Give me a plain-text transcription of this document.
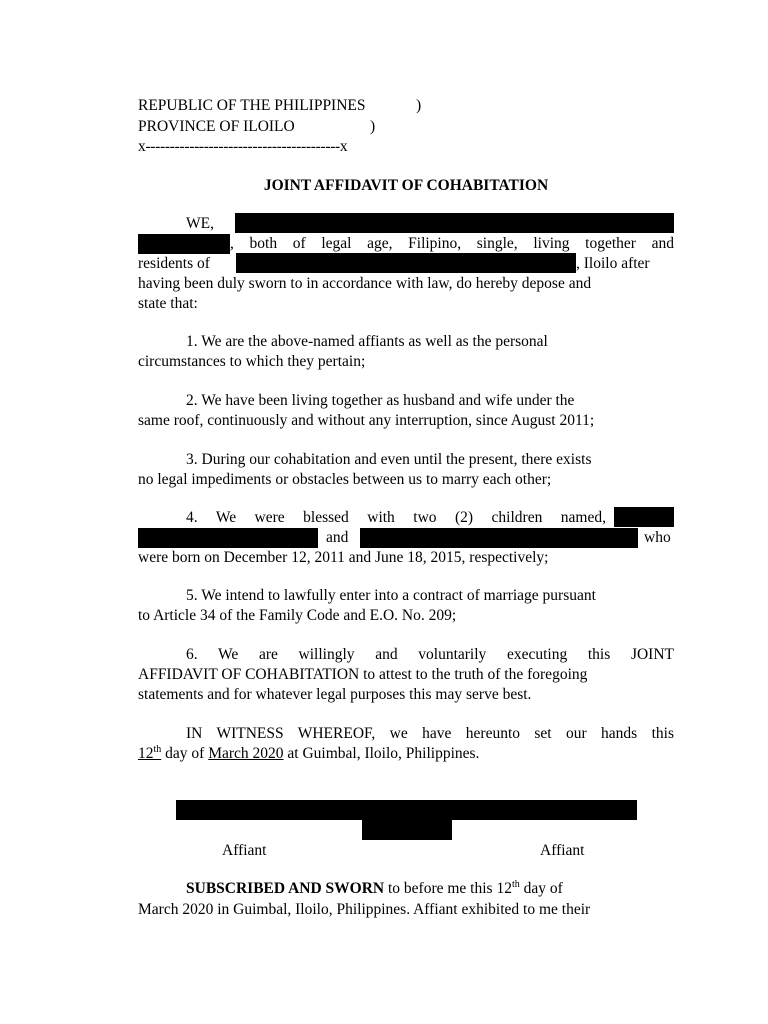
REPUBLIC OF THE PHILIPPINES	)
PROVINCE OF ILOILO	)
x----------------------------------------x
JOINT AFFIDAVIT OF COHABITATION
WE,
, both of legal age, Filipino, single, living together and
residents of	, Iloilo after
having been duly sworn to in accordance with law, do hereby depose and
state that:
1. We are the above-named affiants as well as the personal
circumstances to which they pertain;
2. We have been living together as husband and wife under the
same roof, continuously and without any interruption, since August 2011;
3. During our cohabitation and even until the present, there exists
no legal impediments or obstacles between us to marry each other;
4. We were blessed with two (2) children named,
and	who
were born on December 12, 2011 and June 18, 2015, respectively;
5. We intend to lawfully enter into a contract of marriage pursuant
to Article 34 of the Family Code and E.O. No. 209;
6. We are willingly and voluntarily executing this JOINT
AFFIDAVIT OF COHABITATION to attest to the truth of the foregoing
statements and for whatever legal purposes this may serve best.
IN WITNESS WHEREOF, we have hereunto set our hands this
12th day of March 2020 at Guimbal, Iloilo, Philippines.
Affiant	Affiant
SUBSCRIBED AND SWORN to before me this 12th day of
March 2020 in Guimbal, Iloilo, Philippines. Affiant exhibited to me their
